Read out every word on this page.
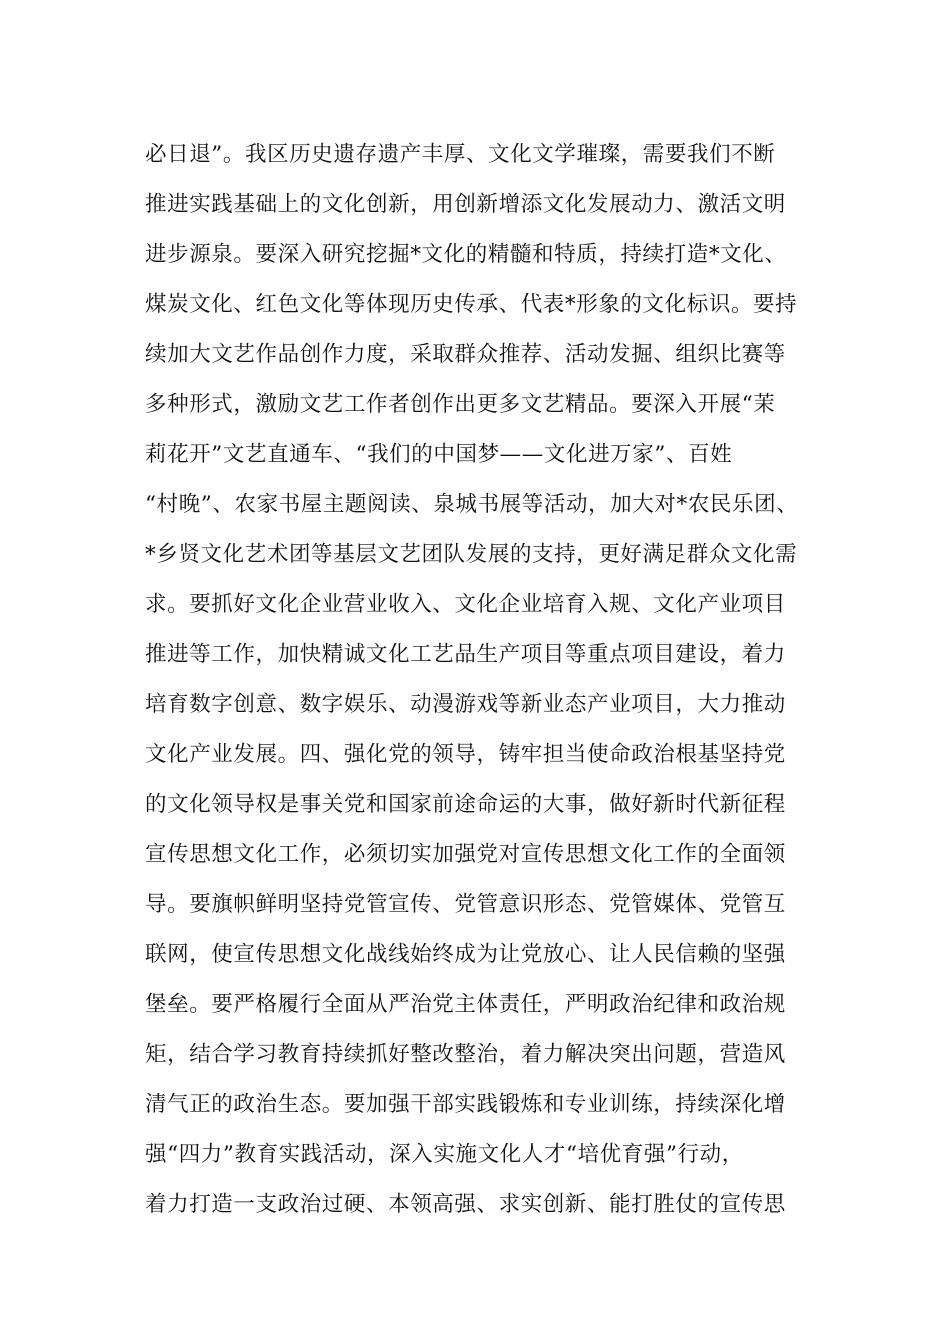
必日退”。我区历史遗存遗产丰厚、文化文学璀璨，需要我们不断
推进实践基础上的文化创新，用创新增添文化发展动力、激活文明
进步源泉。要深入研究挖掘*文化的精髓和特质，持续打造*文化、
煤炭文化、红色文化等体现历史传承、代表*形象的文化标识。要持
续加大文艺作品创作力度，采取群众推荐、活动发掘、组织比赛等
多种形式，激励文艺工作者创作出更多文艺精品。要深入开展“茉
莉花开”文艺直通车、“我们的中国梦——文化进万家”、百姓
“村晚”、农家书屋主题阅读、泉城书展等活动，加大对*农民乐团、
*乡贤文化艺术团等基层文艺团队发展的支持，更好满足群众文化需
求。要抓好文化企业营业收入、文化企业培育入规、文化产业项目
推进等工作，加快精诚文化工艺品生产项目等重点项目建设，着力
培育数字创意、数字娱乐、动漫游戏等新业态产业项目，大力推动
文化产业发展。四、强化党的领导，铸牢担当使命政治根基坚持党
的文化领导权是事关党和国家前途命运的大事，做好新时代新征程
宣传思想文化工作，必须切实加强党对宣传思想文化工作的全面领
导。要旗帜鲜明坚持党管宣传、党管意识形态、党管媒体、党管互
联网，使宣传思想文化战线始终成为让党放心、让人民信赖的坚强
堡垒。要严格履行全面从严治党主体责任，严明政治纪律和政治规
矩，结合学习教育持续抓好整改整治，着力解决突出问题，营造风
清气正的政治生态。要加强干部实践锻炼和专业训练，持续深化增
强“四力”教育实践活动，深入实施文化人才“培优育强”行动，
着力打造一支政治过硬、本领高强、求实创新、能打胜仗的宣传思
